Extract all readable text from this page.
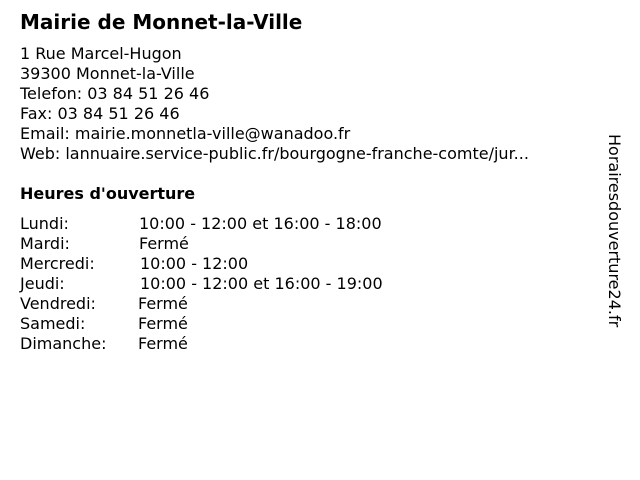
Mairie de Monnet-la-Ville
1 Rue Marcel-Hugon
39300 Monnet-la-Ville
Telefon: 03 84 51 26 46
Fax: 03 84 51 26 46
Email: mairie.monnetla-ville@wanadoo.fr
Web: lannuaire.service-public.fr/bourgogne-franche-comte/jur...
Heures d'ouverture
Lundi:	10:00 - 12:00 et 16:00 - 18:00
Mardi:	Fermé
Mercredi:	10:00 - 12:00
Jeudi:	10:00 - 12:00 et 16:00 - 19:00
Vendredi:	Fermé
Samedi:	Fermé
Dimanche: Fermé
Horairesdouverture24.fr
